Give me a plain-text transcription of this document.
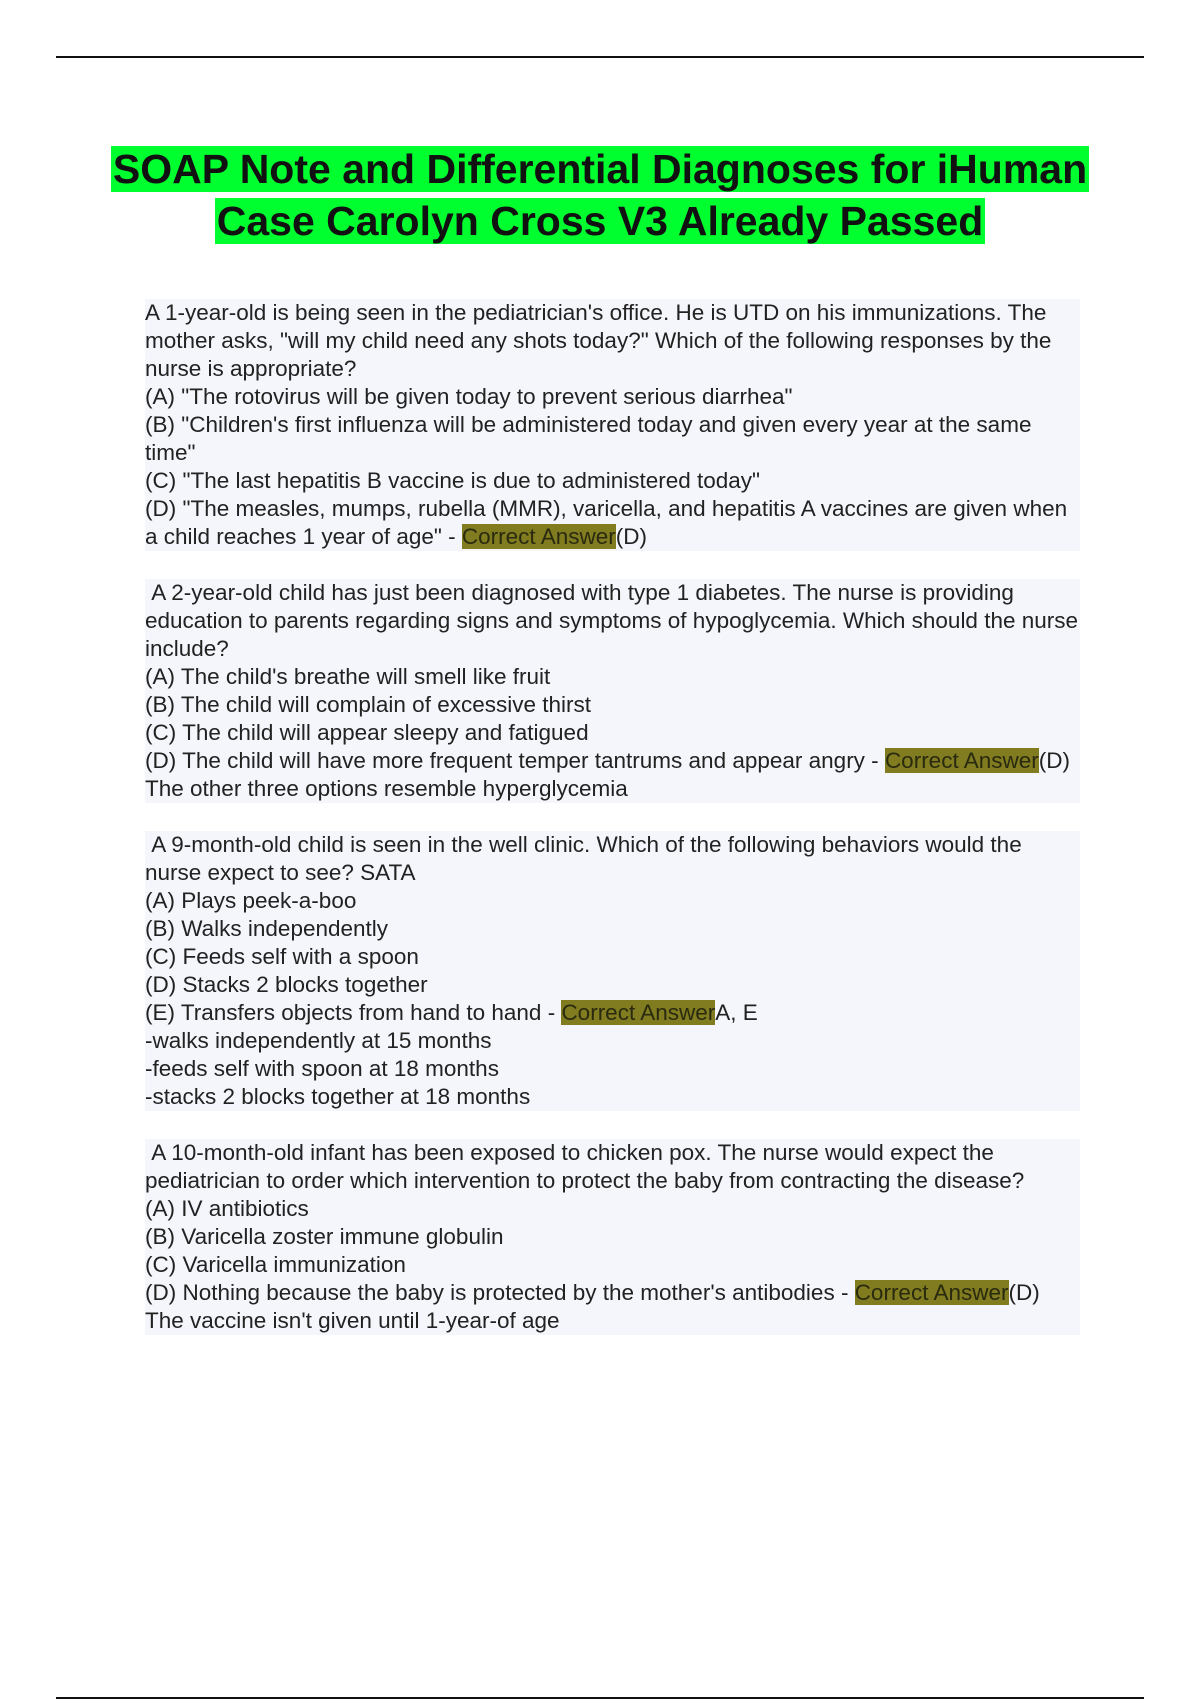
SOAP Note and Differential Diagnoses for iHuman Case Carolyn Cross V3 Already Passed
A 1-year-old is being seen in the pediatrician's office. He is UTD on his immunizations. The mother asks, "will my child need any shots today?" Which of the following responses by the nurse is appropriate?
(A) "The rotovirus will be given today to prevent serious diarrhea"
(B) "Children's first influenza will be administered today and given every year at the same time"
(C) "The last hepatitis B vaccine is due to administered today"
(D) "The measles, mumps, rubella (MMR), varicella, and hepatitis A vaccines are given when a child reaches 1 year of age" - Correct Answer(D)
A 2-year-old child has just been diagnosed with type 1 diabetes. The nurse is providing education to parents regarding signs and symptoms of hypoglycemia. Which should the nurse include?
(A) The child's breathe will smell like fruit
(B) The child will complain of excessive thirst
(C) The child will appear sleepy and fatigued
(D) The child will have more frequent temper tantrums and appear angry - Correct Answer(D)
The other three options resemble hyperglycemia
A 9-month-old child is seen in the well clinic. Which of the following behaviors would the nurse expect to see? SATA
(A) Plays peek-a-boo
(B) Walks independently
(C) Feeds self with a spoon
(D) Stacks 2 blocks together
(E) Transfers objects from hand to hand - Correct AnswerA, E
-walks independently at 15 months
-feeds self with spoon at 18 months
-stacks 2 blocks together at 18 months
A 10-month-old infant has been exposed to chicken pox. The nurse would expect the pediatrician to order which intervention to protect the baby from contracting the disease?
(A) IV antibiotics
(B) Varicella zoster immune globulin
(C) Varicella immunization
(D) Nothing because the baby is protected by the mother's antibodies - Correct Answer(D)
The vaccine isn't given until 1-year-of age
